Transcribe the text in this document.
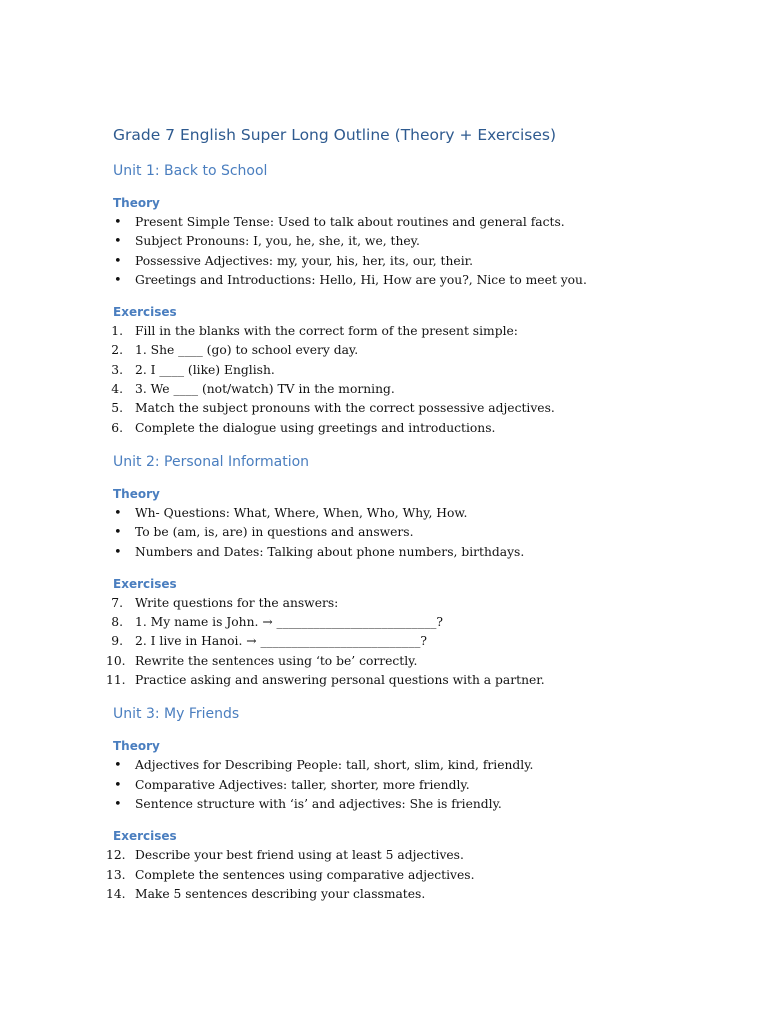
Grade 7 English Super Long Outline (Theory + Exercises)
Unit 1: Back to School
Theory
•	Present Simple Tense: Used to talk about routines and general facts.
•	Subject Pronouns: I, you, he, she, it, we, they.
•	Possessive Adjectives: my, your, his, her, its, our, their.
•	Greetings and Introductions: Hello, Hi, How are you?, Nice to meet you.
Exercises
1. Fill in the blanks with the correct form of the present simple:
2. 1. She ____ (go) to school every day.
3. 2. I ____ (like) English.
4. 3. We ____ (not/watch) TV in the morning.
5. Match the subject pronouns with the correct possessive adjectives.
6. Complete the dialogue using greetings and introductions.
Unit 2: Personal Information
Theory
•	Wh- Questions: What, Where, When, Who, Why, How.
•	To be (am, is, are) in questions and answers.
•	Numbers and Dates: Talking about phone numbers, birthdays.
Exercises
7. Write questions for the answers:
8. 1. My name is John. → __________________________?
9. 2. I live in Hanoi. → __________________________?
10. Rewrite the sentences using ‘to be’ correctly.
11. Practice asking and answering personal questions with a partner.
Unit 3: My Friends
Theory
•	Adjectives for Describing People: tall, short, slim, kind, friendly.
•	Comparative Adjectives: taller, shorter, more friendly.
•	Sentence structure with ‘is’ and adjectives: She is friendly.
Exercises
12. Describe your best friend using at least 5 adjectives.
13. Complete the sentences using comparative adjectives.
14. Make 5 sentences describing your classmates.
